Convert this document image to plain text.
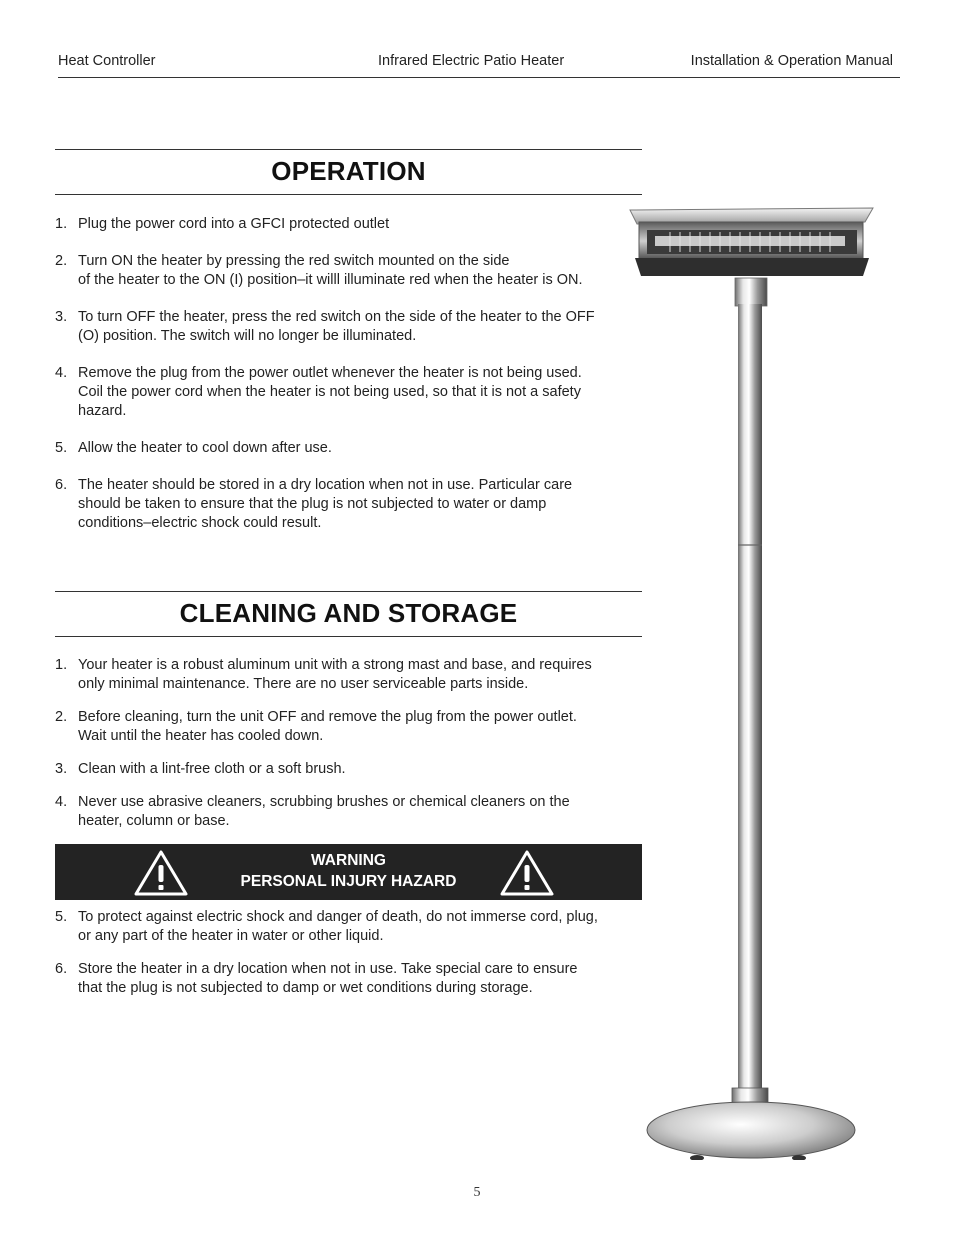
Heat Controller	Infrared Electric Patio Heater	Installation & Operation Manual
OPERATION
1. Plug the power cord into a GFCI protected outlet
2. Turn ON the heater by pressing the red switch mounted on the side
of the heater to the ON (I) position–it willl illuminate red when the heater is ON.
3. To turn OFF the heater, press the red switch on the side of the heater to the OFF
(O) position. The switch will no longer be illuminated.
4. Remove the plug from the power outlet whenever the heater is not being used.
Coil the power cord when the heater is not being used, so that it is not a safety
hazard.
5. Allow the heater to cool down after use.
6. The heater should be stored in a dry location when not in use. Particular care
should be taken to ensure that the plug is not subjected to water or damp
conditions–electric shock could result.
CLEANING AND STORAGE
1. Your heater is a robust aluminum unit with a strong mast and base, and requires
only minimal maintenance. There are no user serviceable parts inside.
2. Before cleaning, turn the unit OFF and remove the plug from the power outlet.
Wait until the heater has cooled down.
3. Clean with a lint-free cloth or a soft brush.
4. Never use abrasive cleaners, scrubbing brushes or chemical cleaners on the
heater, column or base.
WARNING
PERSONAL INJURY HAZARD
5. To protect against electric shock and danger of death, do not immerse cord, plug,
or any part of the heater in water or other liquid.
6. Store the heater in a dry location when not in use. Take special care to ensure
that the plug is not subjected to damp or wet conditions during storage.
5
